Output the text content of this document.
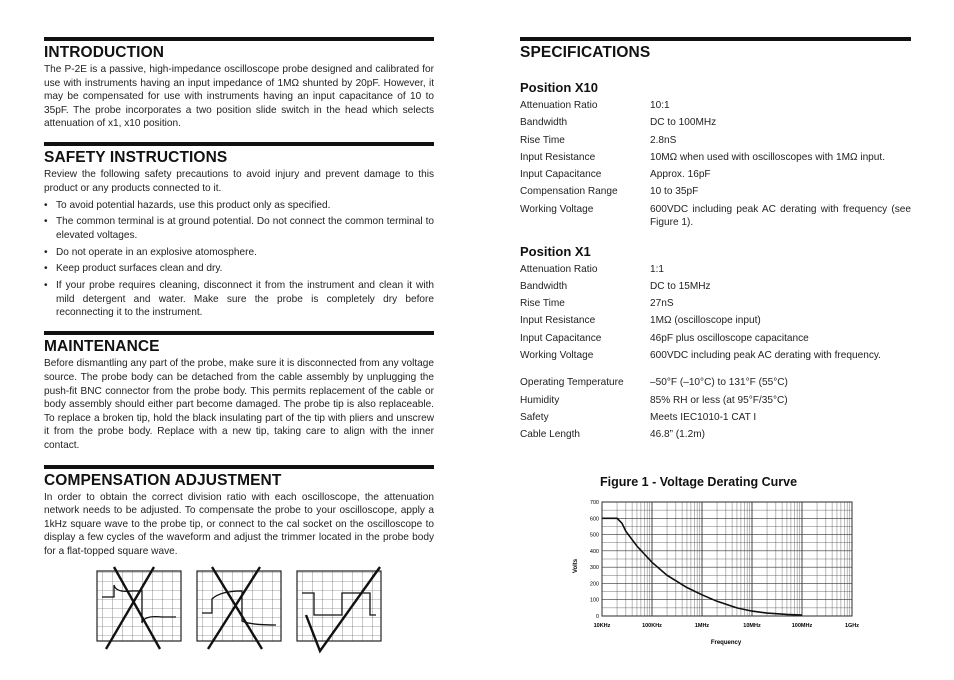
INTRODUCTION

The P-2E is a passive, high-impedance oscilloscope probe designed and calibrated for use with instruments having an input impedance of 1MΩ shunted by 20pF. However, it may be compensated for use with instruments having an input capacitance of 10 to 35pF. The probe incorporates a two position slide switch in the head which selects attenuation of x1, x10 position.

SAFETY INSTRUCTIONS

Review the following safety precautions to avoid injury and prevent damage to this product or any products connected to it.

• To avoid potential hazards, use this product only as specified.
• The common terminal is at ground potential. Do not connect the common terminal to elevated voltages.
• Do not operate in an explosive atomosphere.
• Keep product surfaces clean and dry.
• If your probe requires cleaning, disconnect it from the instrument and clean it with mild detergent and water. Make sure the probe is completely dry before reconnecting it to the instrument.
MAINTENANCE

Before dismantling any part of the probe, make sure it is disconnected from any voltage source. The probe body can be detached from the cable assembly by unplugging the push-fit BNC connector from the probe body. This permits replacement of the cable or body assembly should either part become damaged. The probe tip is also replaceable. To replace a broken tip, hold the black insulating part of the tip with pliers and unscrew it from the probe body. Replace with a new tip, taking care to align with the inner contact.

COMPENSATION ADJUSTMENT

In order to obtain the correct division ratio with each oscilloscope, the attenuation network needs to be adjusted. To compensate the probe to your oscilloscope, apply a 1kHz square wave to the probe tip, or connect to the cal socket on the oscilloscope to display a few cycles of the waveform and adjust the trimmer located in the probe body for a flat-topped square wave.

SPECIFICATIONS
Position X10
Attenuation Ratio	10:1
Bandwidth	DC to 100MHz
Rise Time	2.8nS
Input Resistance	10MΩ when used with oscilloscopes with 1MΩ input.
Input Capacitance	Approx. 16pF
Compensation Range	10 to 35pF
Working Voltage	600VDC including peak AC derating with frequency (see Figure 1).
Position X1
Attenuation Ratio	1:1
Bandwidth	DC to 15MHz
Rise Time	27nS
Input Resistance	1MΩ (oscilloscope input)
Input Capacitance	46pF plus oscilloscope capacitance
Working Voltage	600VDC including peak AC derating with frequency.
Operating Temperature	–50°F (–10°C) to 131°F (55°C)
Humidity	85% RH or less (at 95°F/35°C)
Safety	Meets IEC1010-1 CAT I
Cable Length	46.8” (1.2m)
Figure 1 - Voltage Derating Curve
700
600
500
400
300
200
100
0
10KHz	100KHz	1MHz	10MHz	100MHz	1GHz
Volts
Frequency
